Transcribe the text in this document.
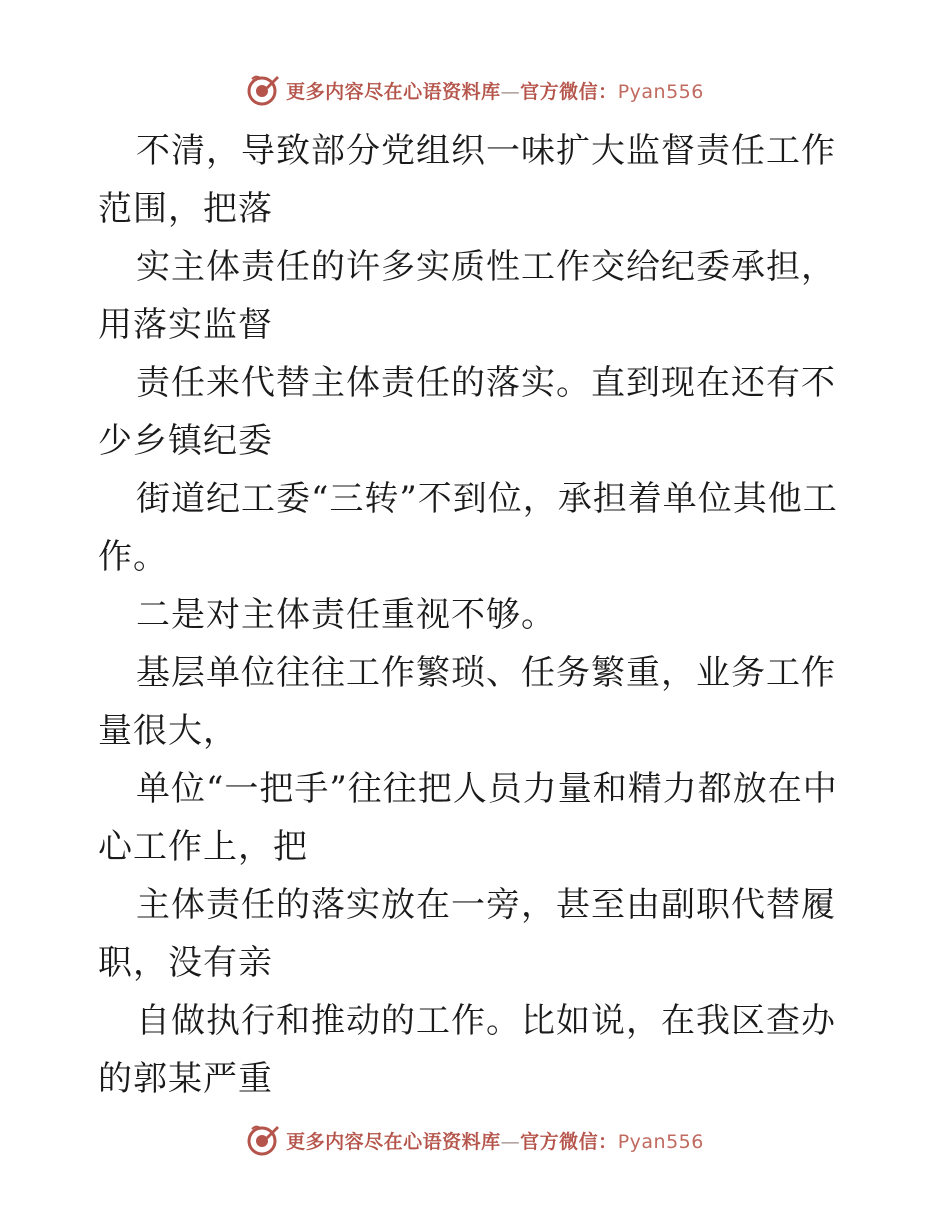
更多内容尽在心语资料库—官方微信：Pyan556

不清，导致部分党组织一味扩大监督责任工作范围，把落

实主体责任的许多实质性工作交给纪委承担，用落实监督

责任来代替主体责任的落实。直到现在还有不少乡镇纪委

街道纪工委“三转”不到位，承担着单位其他工作。

二是对主体责任重视不够。

基层单位往往工作繁琐、任务繁重，业务工作量很大，

单位“一把手”往往把人员力量和精力都放在中心工作上，把

主体责任的落实放在一旁，甚至由副职代替履职，没有亲

自做执行和推动的工作。比如说，在我区查办的郭某严重

更多内容尽在心语资料库—官方微信：Pyan556
